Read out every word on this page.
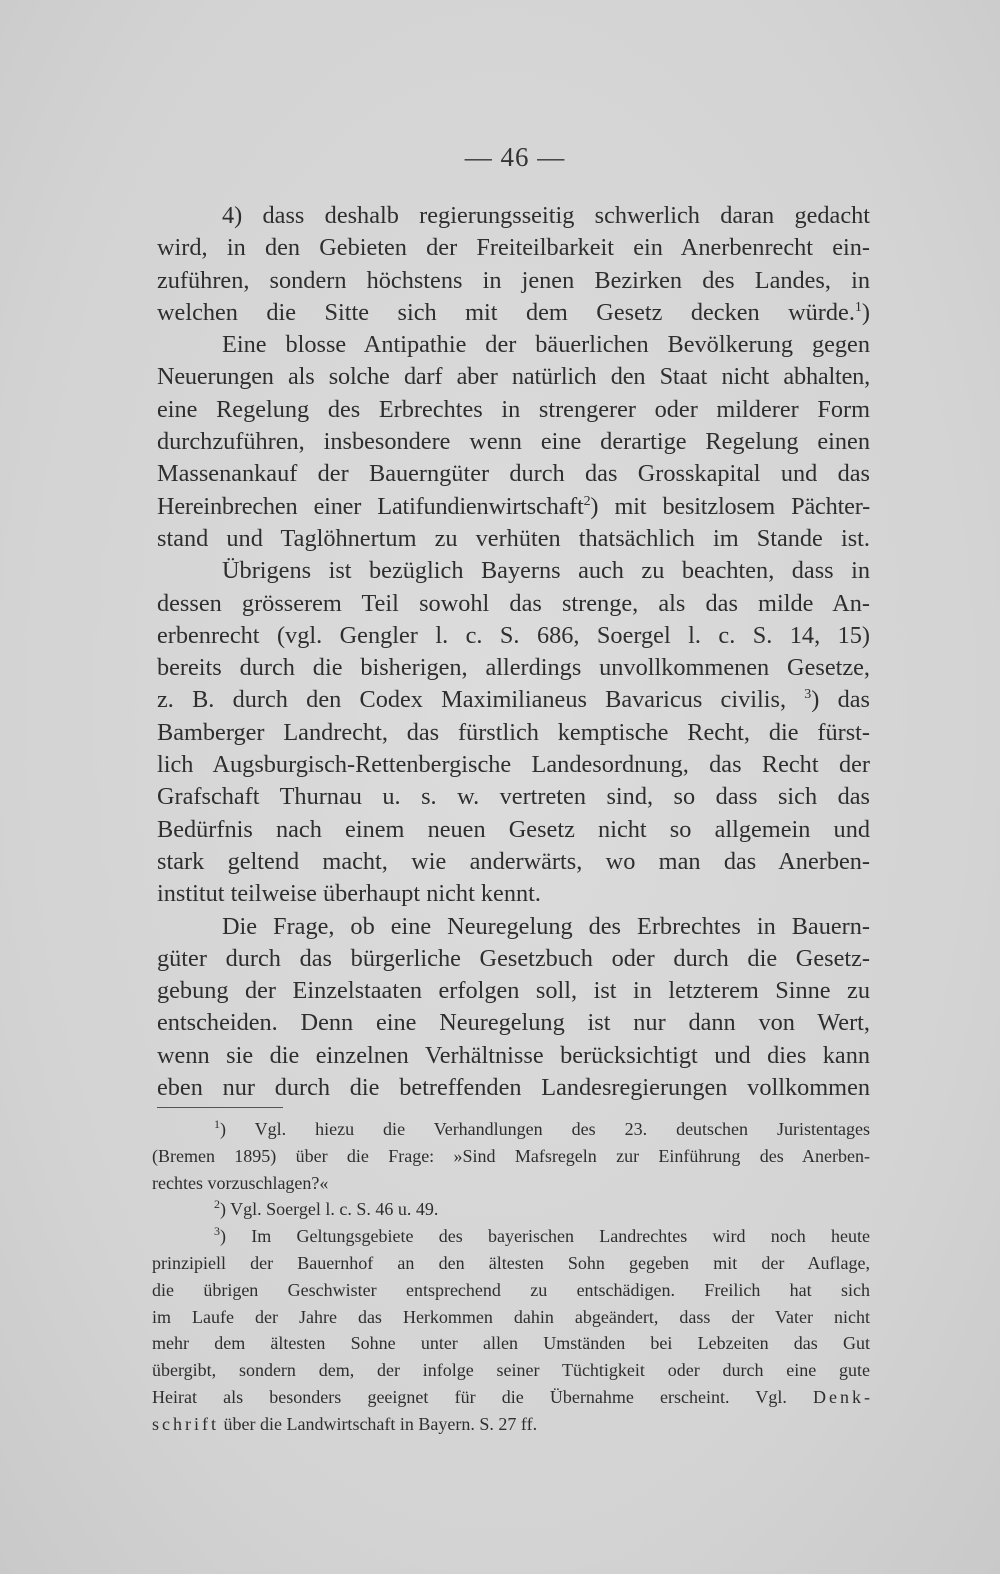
— 46 —
4) dass deshalb regierungsseitig schwerlich daran gedacht
wird, in den Gebieten der Freiteilbarkeit ein Anerbenrecht ein-
zuführen, sondern höchstens in jenen Bezirken des Landes, in
welchen die Sitte sich mit dem Gesetz decken würde.$^1$)
Eine blosse Antipathie der bäuerlichen Bevölkerung gegen
Neuerungen als solche darf aber natürlich den Staat nicht abhalten,
eine Regelung des Erbrechtes in strengerer oder milderer Form
durchzuführen, insbesondere wenn eine derartige Regelung einen
Massenankauf der Bauerngüter durch das Grosskapital und das
Hereinbrechen einer Latifundienwirtschaft$^2$) mit besitzlosem Pächter-
stand und Taglöhnertum zu verhüten thatsächlich im Stande ist.
Übrigens ist bezüglich Bayerns auch zu beachten, dass in
dessen grösserem Teil sowohl das strenge, als das milde An-
erbenrecht (vgl. Gengler l. c. S. 686, Soergel l. c. S. 14, 15)
bereits durch die bisherigen, allerdings unvollkommenen Gesetze,
z. B. durch den Codex Maximilianeus Bavaricus civilis, $^3$) das
Bamberger Landrecht, das fürstlich kemptische Recht, die fürst-
lich Augsburgisch-Rettenbergische Landesordnung, das Recht der
Grafschaft Thurnau u. s. w. vertreten sind, so dass sich das
Bedürfnis nach einem neuen Gesetz nicht so allgemein und
stark geltend macht, wie anderwärts, wo man das Anerben-
institut teilweise überhaupt nicht kennt.
Die Frage, ob eine Neuregelung des Erbrechtes in Bauern-
güter durch das bürgerliche Gesetzbuch oder durch die Gesetz-
gebung der Einzelstaaten erfolgen soll, ist in letzterem Sinne zu
entscheiden. Denn eine Neuregelung ist nur dann von Wert,
wenn sie die einzelnen Verhältnisse berücksichtigt und dies kann
eben nur durch die betreffenden Landesregierungen vollkommen
$^1$) Vgl. hiezu die Verhandlungen des 23. deutschen Juristentages
(Bremen 1895) über die Frage: »Sind Mafsregeln zur Einführung des Anerben-
rechtes vorzuschlagen?«
$^2$) Vgl. Soergel l. c. S. 46 u. 49.
$^3$) Im Geltungsgebiete des bayerischen Landrechtes wird noch heute
prinzipiell der Bauernhof an den ältesten Sohn gegeben mit der Auflage,
die übrigen Geschwister entsprechend zu entschädigen. Freilich hat sich
im Laufe der Jahre das Herkommen dahin abgeändert, dass der Vater nicht
mehr dem ältesten Sohne unter allen Umständen bei Lebzeiten das Gut
übergibt, sondern dem, der infolge seiner Tüchtigkeit oder durch eine gute
Heirat als besonders geeignet für die Übernahme erscheint. Vgl. Denk-
schrift über die Landwirtschaft in Bayern. S. 27 ff.
